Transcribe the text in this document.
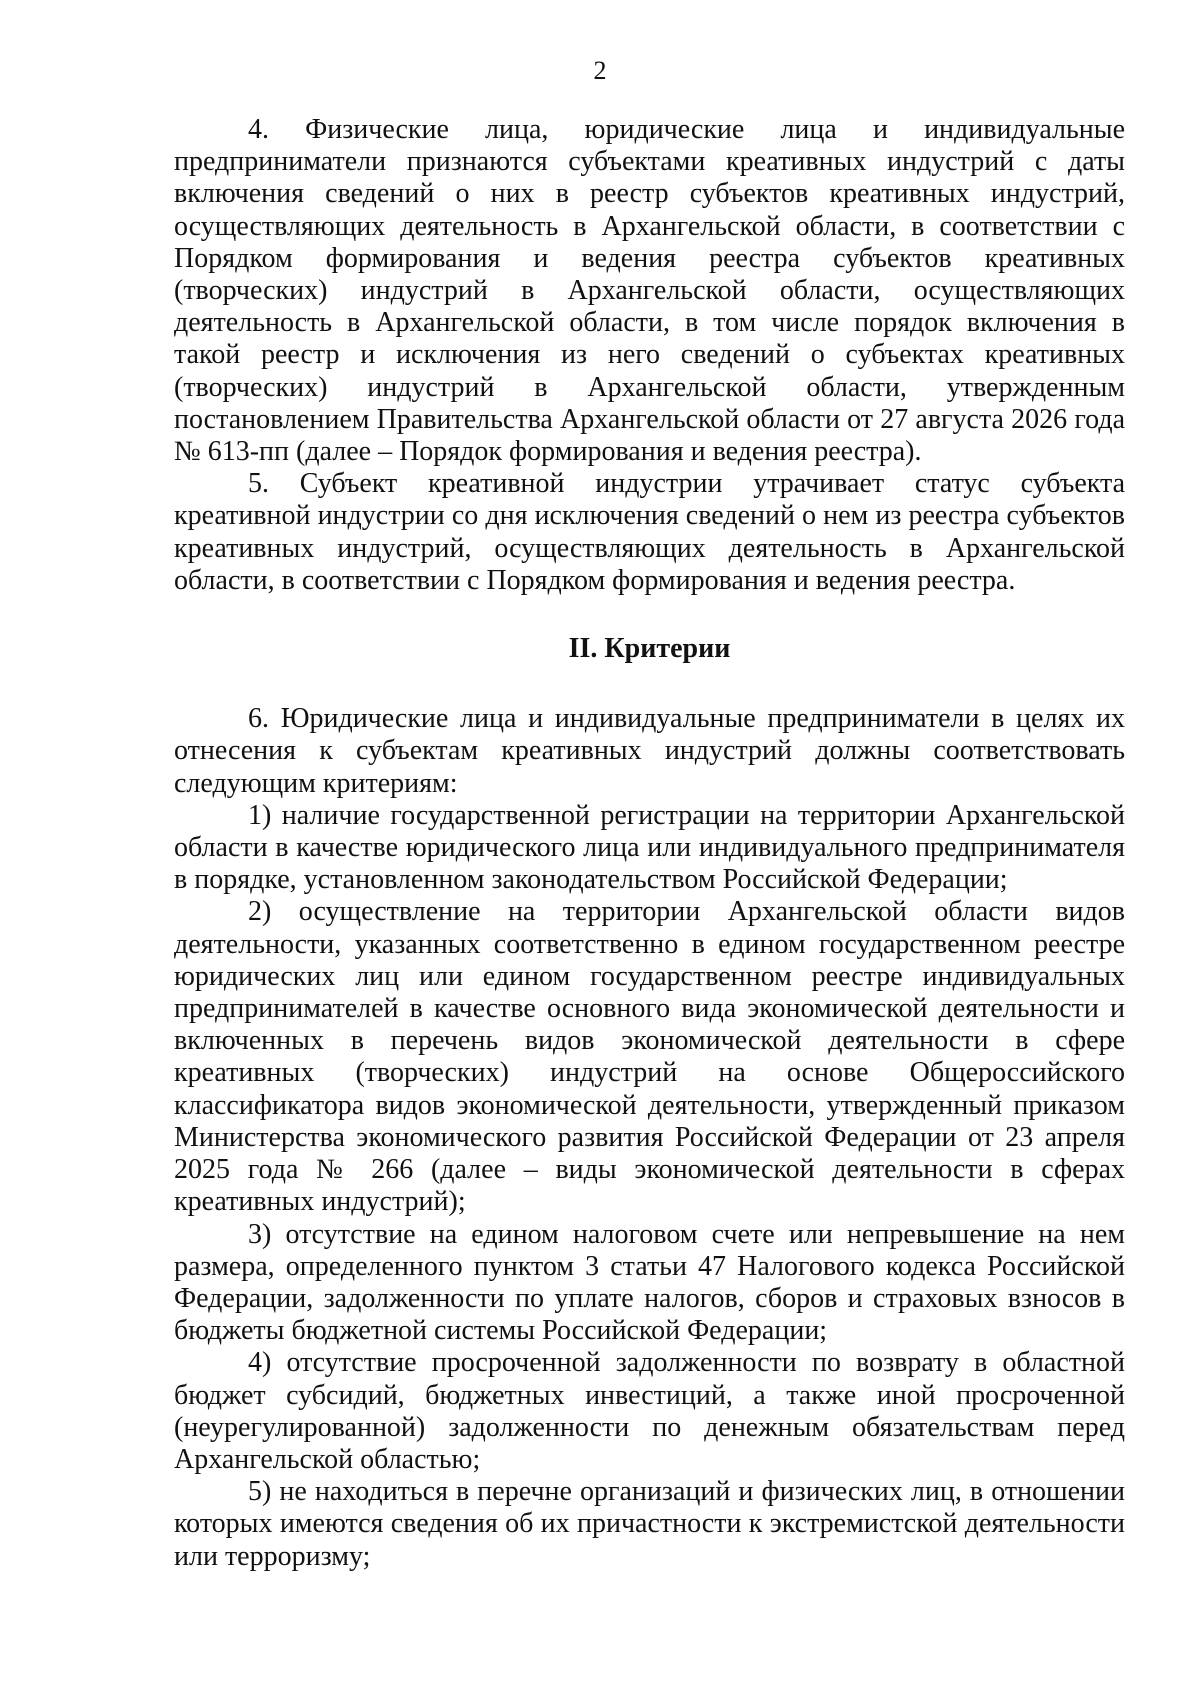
2

4. Физические лица, юридические лица и индивидуальные предприниматели признаются субъектами креативных индустрий с даты включения сведений о них в реестр субъектов креативных индустрий, осуществляющих деятельность в Архангельской области, в соответствии с Порядком формирования и ведения реестра субъектов креативных (творческих) индустрий в Архангельской области, осуществляющих деятельность в Архангельской области, в том числе порядок включения в такой реестр и исключения из него сведений о субъектах креативных (творческих) индустрий в Архангельской области, утвержденным постановлением Правительства Архангельской области от 27 августа 2026 года № 613-пп (далее – Порядок формирования и ведения реестра).

5. Субъект креативной индустрии утрачивает статус субъекта креативной индустрии со дня исключения сведений о нем из реестра субъектов креативных индустрий, осуществляющих деятельность в Архангельской области, в соответствии с Порядком формирования и ведения реестра.

II. Критерии

6. Юридические лица и индивидуальные предприниматели в целях их отнесения к субъектам креативных индустрий должны соответствовать следующим критериям:

1) наличие государственной регистрации на территории Архангельской области в качестве юридического лица или индивидуального предпринимателя в порядке, установленном законодательством Российской Федерации;

2) осуществление на территории Архангельской области видов деятельности, указанных соответственно в едином государственном реестре юридических лиц или едином государственном реестре индивидуальных предпринимателей в качестве основного вида экономической деятельности и включенных в перечень видов экономической деятельности в сфере креативных (творческих) индустрий на основе Общероссийского классификатора видов экономической деятельности, утвержденный приказом Министерства экономического развития Российской Федерации от 23 апреля 2025 года № 266 (далее – виды экономической деятельности в сферах креативных индустрий);

3) отсутствие на едином налоговом счете или непревышение на нем размера, определенного пунктом 3 статьи 47 Налогового кодекса Российской Федерации, задолженности по уплате налогов, сборов и страховых взносов в бюджеты бюджетной системы Российской Федерации;

4) отсутствие просроченной задолженности по возврату в областной бюджет субсидий, бюджетных инвестиций, а также иной просроченной (неурегулированной) задолженности по денежным обязательствам перед Архангельской областью;

5) не находиться в перечне организаций и физических лиц, в отношении которых имеются сведения об их причастности к экстремистской деятельности или терроризму;
